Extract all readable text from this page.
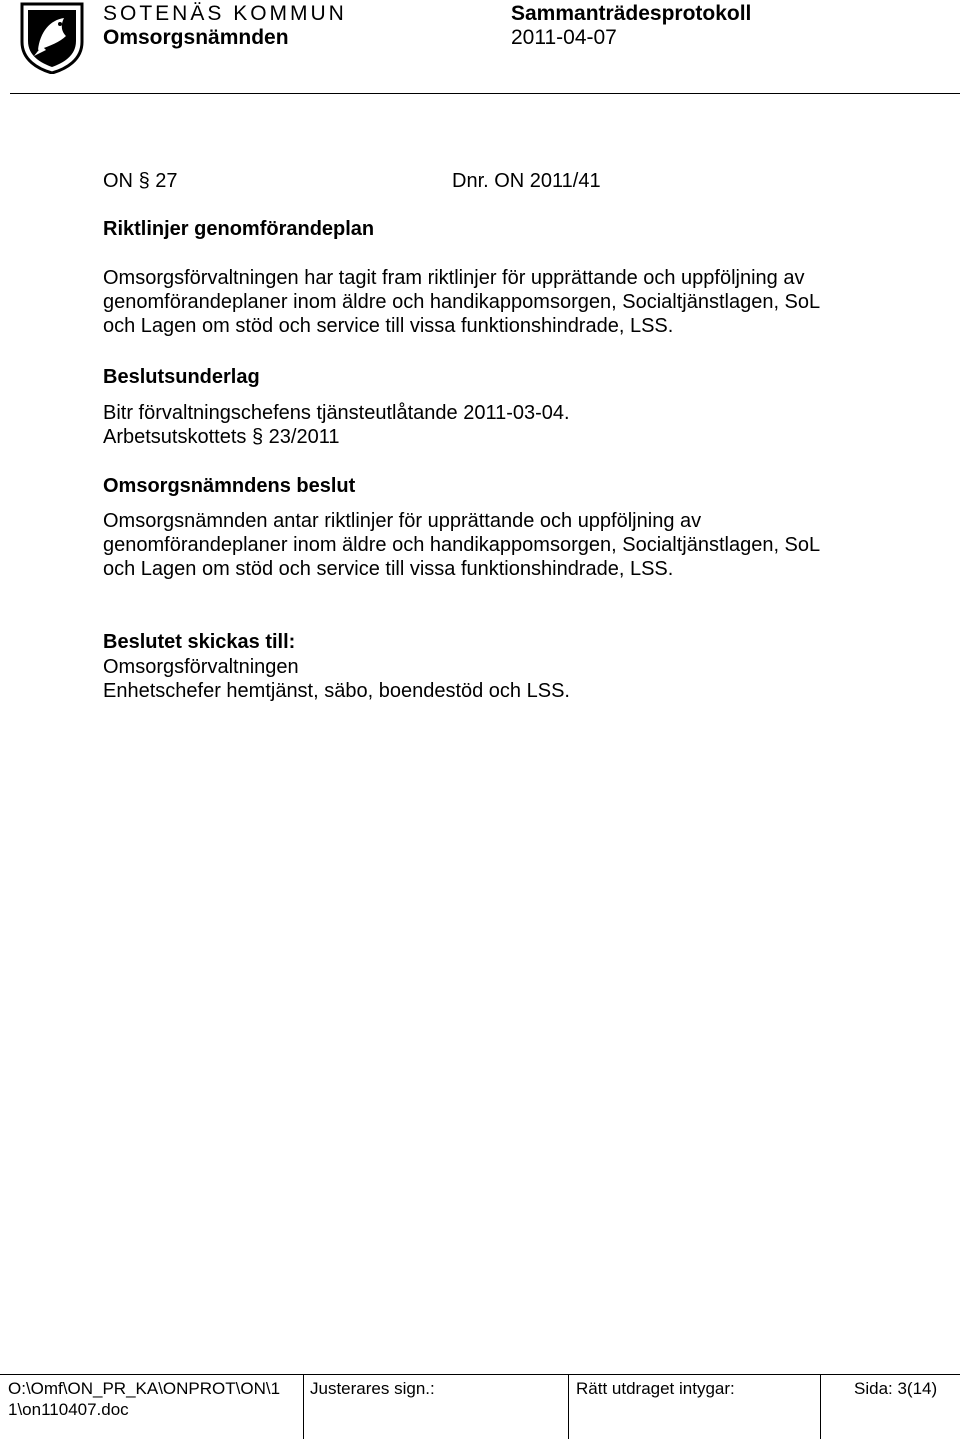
SOTENÄS KOMMUN
Omsorgsnämnden
Sammanträdesprotokoll
2011-04-07
ON § 27	Dnr. ON 2011/41
Riktlinjer genomförandeplan
Omsorgsförvaltningen har tagit fram riktlinjer för upprättande och uppföljning av
genomförandeplaner inom äldre och handikappomsorgen, Socialtjänstlagen, SoL
och Lagen om stöd och service till vissa funktionshindrade, LSS.
Beslutsunderlag
Bitr förvaltningschefens tjänsteutlåtande 2011-03-04.
Arbetsutskottets § 23/2011
Omsorgsnämndens beslut
Omsorgsnämnden antar riktlinjer för upprättande och uppföljning av
genomförandeplaner inom äldre och handikappomsorgen, Socialtjänstlagen, SoL
och Lagen om stöd och service till vissa funktionshindrade, LSS.
Beslutet skickas till:
Omsorgsförvaltningen
Enhetschefer hemtjänst, säbo, boendestöd och LSS.
O:\Omf\ON_PR_KA\ONPROT\ON\1
1\on110407.doc
Justerares sign.:	Rätt utdraget intygar:	Sida: 3(14)
